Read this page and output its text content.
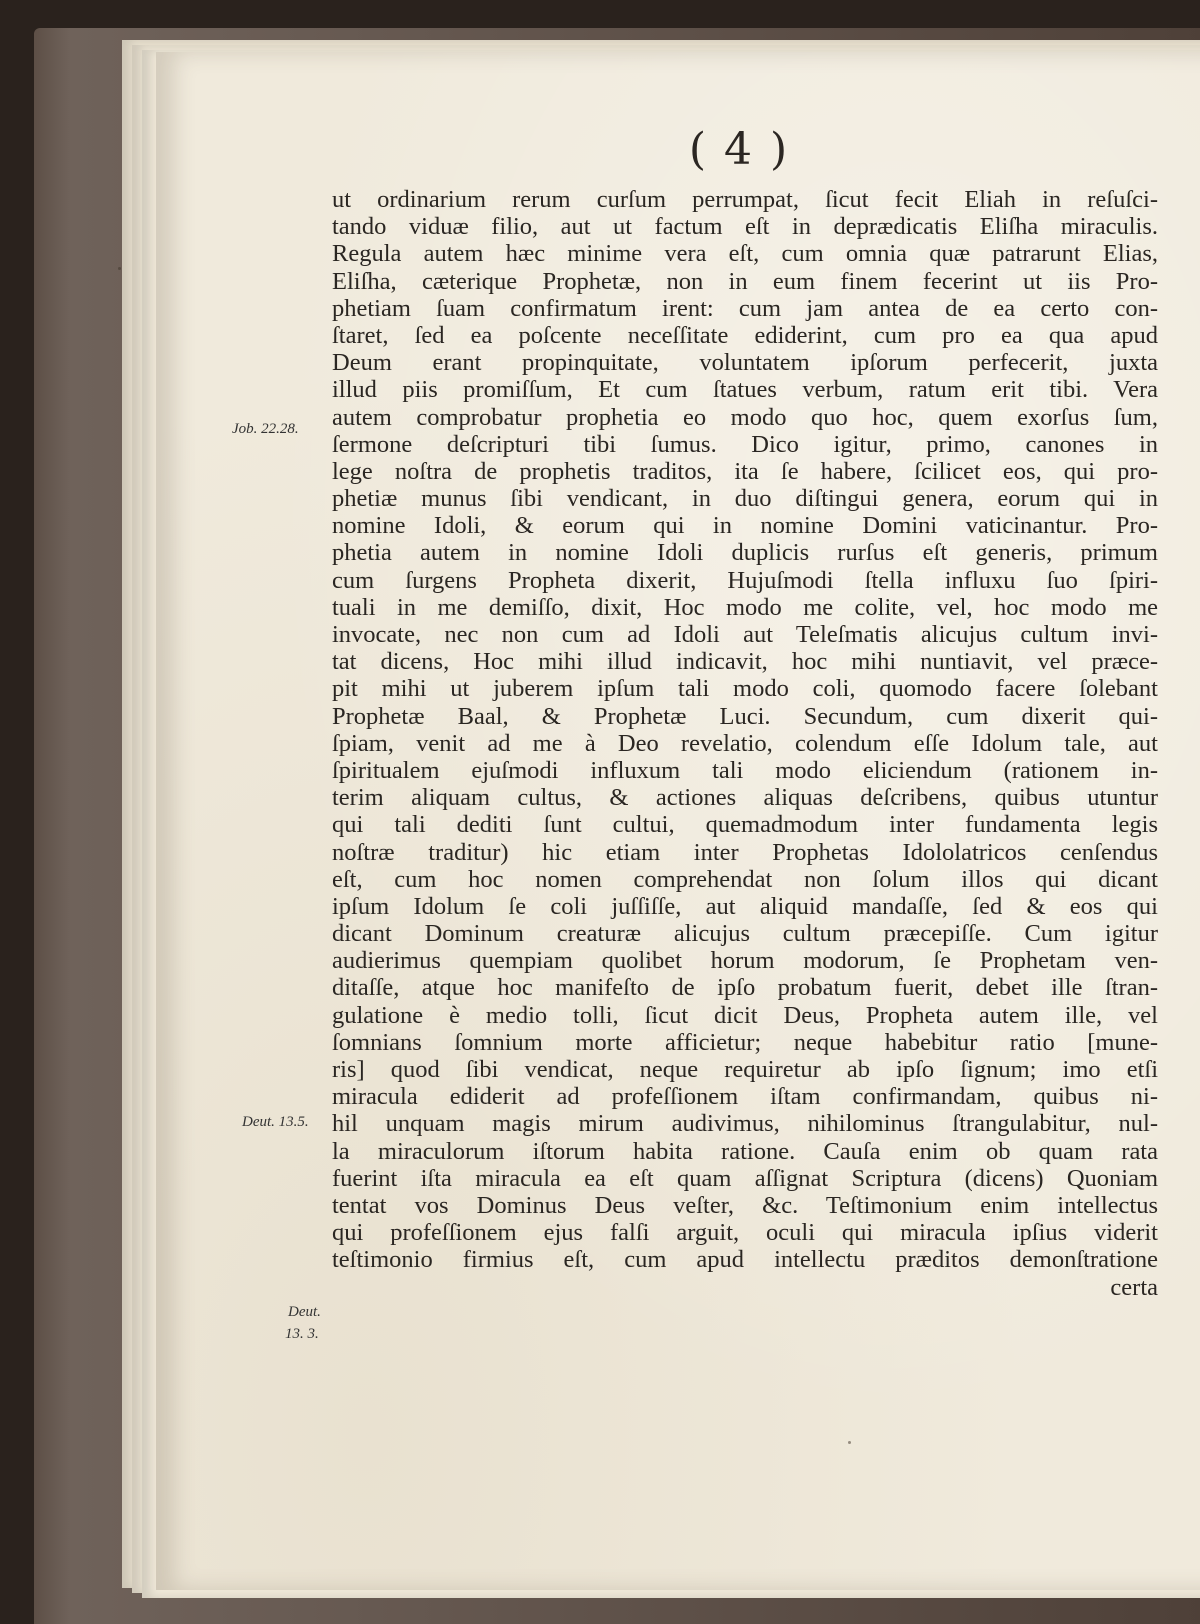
( 4 )
Job. 22.28.
Deut. 13.5.
Deut.
13. 3.
ut ordinarium rerum curſum perrumpat, ſicut fecit Eliah in reſuſci-
tando viduæ filio, aut ut factum eſt in deprædicatis Eliſha miraculis.
Regula autem hæc minime vera eſt, cum omnia quæ patrarunt Elias,
Eliſha, cæterique Prophetæ, non in eum finem fecerint ut iis Pro-
phetiam ſuam confirmatum irent: cum jam antea de ea certo con-
ſtaret, ſed ea poſcente neceſſitate ediderint, cum pro ea qua apud
Deum erant propinquitate, voluntatem ipſorum perfecerit, juxta
illud piis promiſſum, Et cum ſtatues verbum, ratum erit tibi. Vera
autem comprobatur prophetia eo modo quo hoc, quem exorſus ſum,
ſermone deſcripturi tibi ſumus. Dico igitur, primo, canones in
lege noſtra de prophetis traditos, ita ſe habere, ſcilicet eos, qui pro-
phetiæ munus ſibi vendicant, in duo diſtingui genera, eorum qui in
nomine Idoli, & eorum qui in nomine Domini vaticinantur. Pro-
phetia autem in nomine Idoli duplicis rurſus eſt generis, primum
cum ſurgens Propheta dixerit, Hujuſmodi ſtella influxu ſuo ſpiri-
tuali in me demiſſo, dixit, Hoc modo me colite, vel, hoc modo me
invocate, nec non cum ad Idoli aut Teleſmatis alicujus cultum invi-
tat dicens, Hoc mihi illud indicavit, hoc mihi nuntiavit, vel præce-
pit mihi ut juberem ipſum tali modo coli, quomodo facere ſolebant
Prophetæ Baal, & Prophetæ Luci. Secundum, cum dixerit qui-
ſpiam, venit ad me à Deo revelatio, colendum eſſe Idolum tale, aut
ſpiritualem ejuſmodi influxum tali modo eliciendum (rationem in-
terim aliquam cultus, & actiones aliquas deſcribens, quibus utuntur
qui tali dediti ſunt cultui, quemadmodum inter fundamenta legis
noſtræ traditur) hic etiam inter Prophetas Idololatricos cenſendus
eſt, cum hoc nomen comprehendat non ſolum illos qui dicant
ipſum Idolum ſe coli juſſiſſe, aut aliquid mandaſſe, ſed & eos qui
dicant Dominum creaturæ alicujus cultum præcepiſſe. Cum igitur
audierimus quempiam quolibet horum modorum, ſe Prophetam ven-
ditaſſe, atque hoc manifeſto de ipſo probatum fuerit, debet ille ſtran-
gulatione è medio tolli, ſicut dicit Deus, Propheta autem ille, vel
ſomnians ſomnium morte afficietur; neque habebitur ratio [mune-
ris] quod ſibi vendicat, neque requiretur ab ipſo ſignum; imo etſi
miracula ediderit ad profeſſionem iſtam confirmandam, quibus ni-
hil unquam magis mirum audivimus, nihilominus ſtrangulabitur, nul-
la miraculorum iſtorum habita ratione. Cauſa enim ob quam rata
fuerint iſta miracula ea eſt quam aſſignat Scriptura (dicens) Quoniam
tentat vos Dominus Deus veſter, &c. Teſtimonium enim intellectus
qui profeſſionem ejus falſi arguit, oculi qui miracula ipſius viderit
teſtimonio firmius eſt, cum apud intellectu præditos demonſtratione
certa
